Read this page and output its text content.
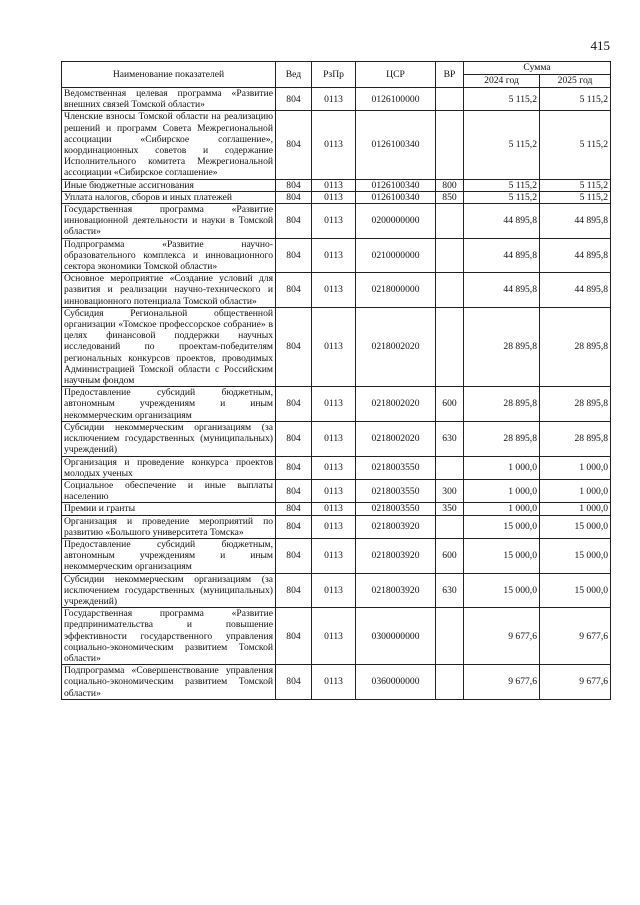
415
Наименование показателей	Вед	РзПр	ЦСР	ВР	Сумма	
					2024 год	2025 год
Ведомственная целевая программа «Развитие внешних связей Томской области»	804	0113	0126100000		5 115,2	5 115,2
Членские взносы Томской области на реализацию решений и программ Совета Межрегиональной ассоциации «Сибирское соглашение», координационных советов и содержание Исполнительного комитета Межрегиональной ассоциации «Сибирское соглашение»	804	0113	0126100340		5 115,2	5 115,2
Иные бюджетные ассигнования	804	0113	0126100340	800	5 115,2	5 115,2
Уплата налогов, сборов и иных платежей	804	0113	0126100340	850	5 115,2	5 115,2
Государственная программа «Развитие инновационной деятельности и науки в Томской области»	804	0113	0200000000		44 895,8	44 895,8
Подпрограмма «Развитие научно-образовательного комплекса и инновационного сектора экономики Томской области»	804	0113	0210000000		44 895,8	44 895,8
Основное мероприятие «Создание условий для развития и реализации научно-технического и инновационного потенциала Томской области»	804	0113	0218000000		44 895,8	44 895,8
Субсидия Региональной общественной организации «Томское профессорское собрание» в целях финансовой поддержки научных исследований по проектам-победителям региональных конкурсов проектов, проводимых Администрацией Томской области с Российским научным фондом	804	0113	0218002020		28 895,8	28 895,8
Предоставление субсидий бюджетным, автономным учреждениям и иным некоммерческим организациям	804	0113	0218002020	600	28 895,8	28 895,8
Субсидии некоммерческим организациям (за исключением государственных (муниципальных) учреждений)	804	0113	0218002020	630	28 895,8	28 895,8
Организация и проведение конкурса проектов молодых ученых	804	0113	0218003550		1 000,0	1 000,0
Социальное обеспечение и иные выплаты населению	804	0113	0218003550	300	1 000,0	1 000,0
Премии и гранты	804	0113	0218003550	350	1 000,0	1 000,0
Организация и проведение мероприятий по развитию «Большого университета Томска»	804	0113	0218003920		15 000,0	15 000,0
Предоставление субсидий бюджетным, автономным учреждениям и иным некоммерческим организациям	804	0113	0218003920	600	15 000,0	15 000,0
Субсидии некоммерческим организациям (за исключением государственных (муниципальных) учреждений)	804	0113	0218003920	630	15 000,0	15 000,0
Государственная программа «Развитие предпринимательства и повышение эффективности государственного управления социально-экономическим развитием Томской области»	804	0113	0300000000		9 677,6	9 677,6
Подпрограмма «Совершенствование управления социально-экономическим развитием Томской области»	804	0113	0360000000		9 677,6	9 677,6
